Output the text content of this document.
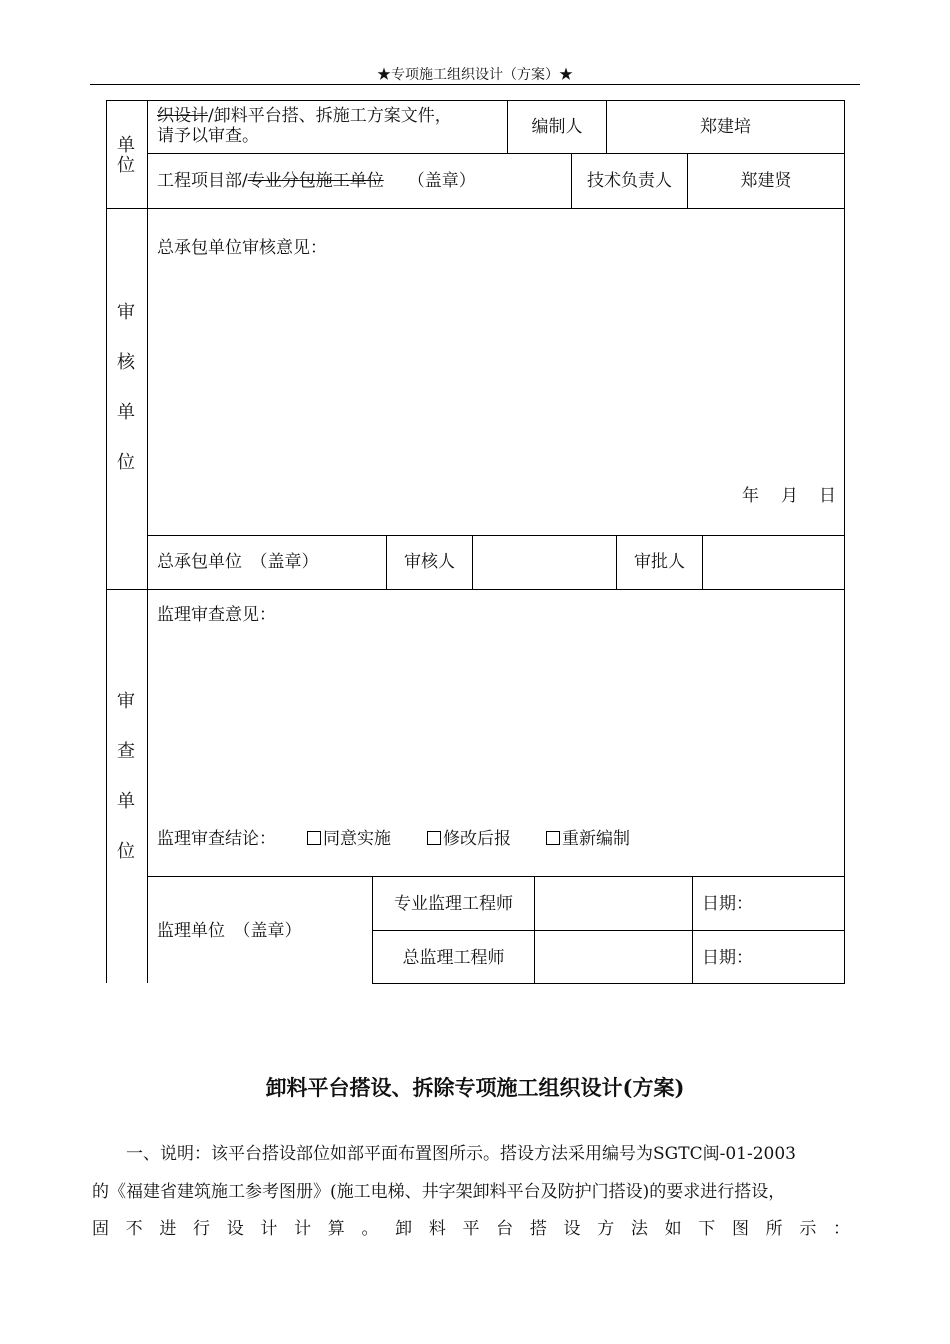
★专项施工组织设计（方案）★
单
位
织设计/卸料平台搭、拆施工方案文件，
请予以审查。	编制人	郑建培
工程项目部/专业分包施工单位 （盖章）	技术负责人	郑建贤
审
核
单
位
总承包单位审核意见：
年 月 日
总承包单位　（盖章）	审核人	审批人
审
查
单
位
监理审查意见：
监理审查结论：	同意实施	修改后报	重新编制
监理单位　（盖章）
专业监理工程师	日期：
总监理工程师	日期：
卸料平台搭设、拆除专项施工组织设计(方案)
一、说明：该平台搭设部位如部平面布置图所示。搭设方法采用编号为SGTC闽-01-2003
的《福建省建筑施工参考图册》(施工电梯、井字架卸料平台及防护门搭设)的要求进行搭设，
固不进行设计计算。卸料平台搭设方法如下图所示：
